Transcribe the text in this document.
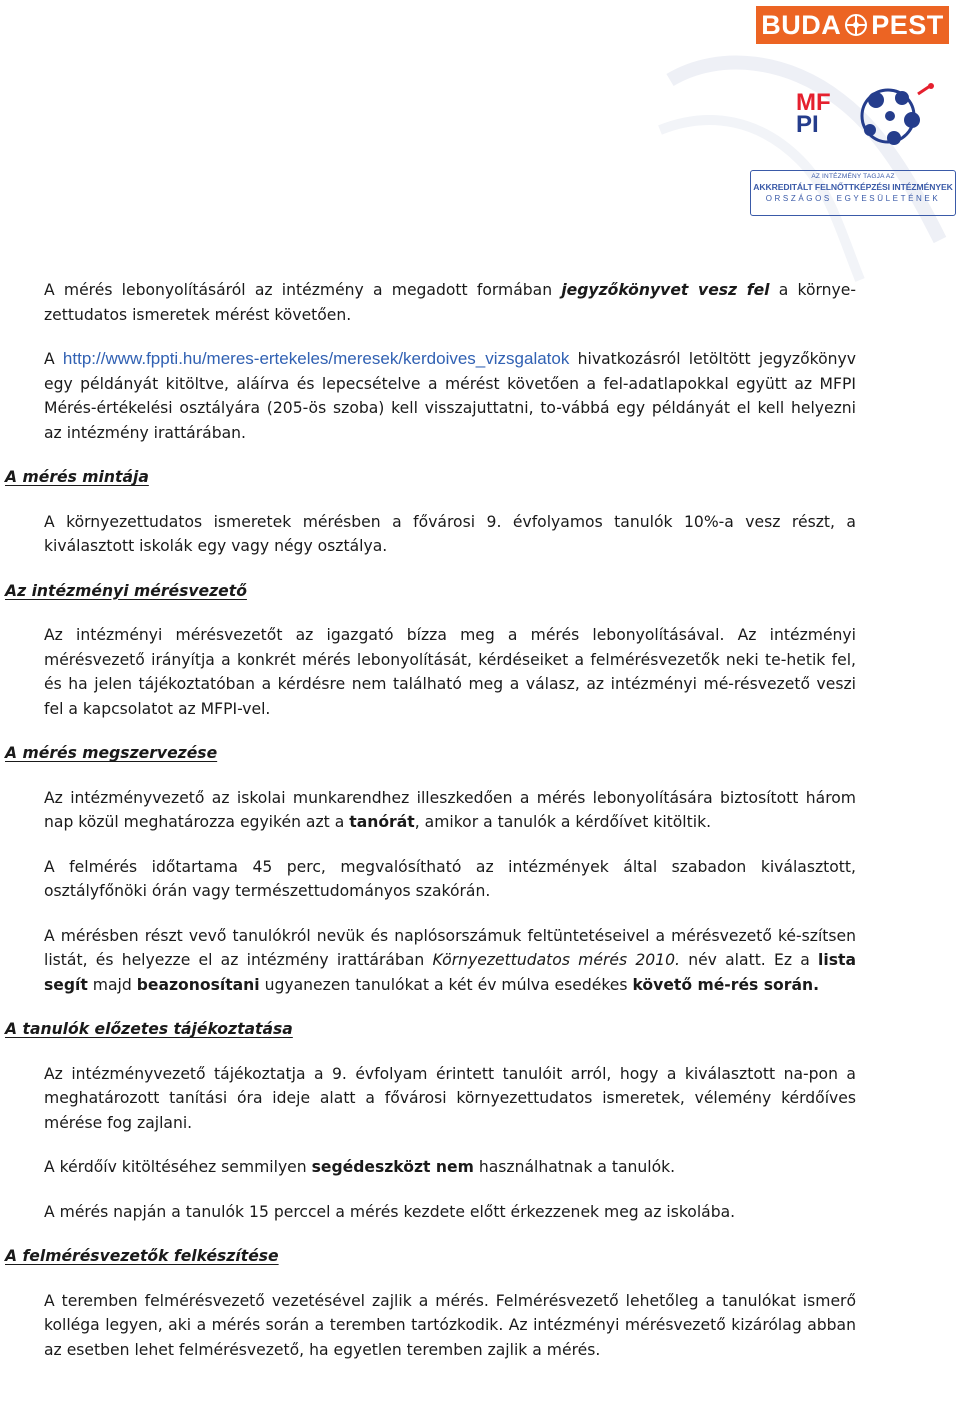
BUDA PEST
MF
PI
AZ INTÉZMÉNY TAGJA AZ
AKKREDITÁLT FELNŐTTKÉPZÉSI INTÉZMÉNYEK
ORSZÁGOS EGYESÜLETÉNEK

A mérés lebonyolításáról az intézmény a megadott formában jegyzőkönyvet vesz fel a környe-zettudatos ismeretek mérést követően.

A http://www.fppti.hu/meres-ertekeles/meresek/kerdoives_vizsgalatok hivatkozásról letöltött jegyzőkönyv egy példányát kitöltve, aláírva és lepecsételve a mérést követően a fel-adatlapokkal együtt az MFPI Mérés-értékelési osztályára (205-ös szoba) kell visszajuttatni, to-vábbá egy példányát el kell helyezni az intézmény irattárában.

A mérés mintája

A környezettudatos ismeretek mérésben a fővárosi 9. évfolyamos tanulók 10%-a vesz részt, a kiválasztott iskolák egy vagy négy osztálya.

Az intézményi mérésvezető

Az intézményi mérésvezetőt az igazgató bízza meg a mérés lebonyolításával. Az intézményi mérésvezető irányítja a konkrét mérés lebonyolítását, kérdéseiket a felmérésvezetők neki te-hetik fel, és ha jelen tájékoztatóban a kérdésre nem található meg a válasz, az intézményi mé-résvezető veszi fel a kapcsolatot az MFPI-vel.

A mérés megszervezése

Az intézményvezető az iskolai munkarendhez illeszkedően a mérés lebonyolítására biztosított három nap közül meghatározza egyikén azt a tanórát, amikor a tanulók a kérdőívet kitöltik.

A felmérés időtartama 45 perc, megvalósítható az intézmények által szabadon kiválasztott, osztályfőnöki órán vagy természettudományos szakórán.

A mérésben részt vevő tanulókról nevük és naplósorszámuk feltüntetéseivel a mérésvezető ké-szítsen listát, és helyezze el az intézmény irattárában Környezettudatos mérés 2010. név alatt. Ez a lista segít majd beazonosítani ugyanezen tanulókat a két év múlva esedékes követő mé-rés során.

A tanulók előzetes tájékoztatása

Az intézményvezető tájékoztatja a 9. évfolyam érintett tanulóit arról, hogy a kiválasztott na-pon a meghatározott tanítási óra ideje alatt a fővárosi környezettudatos ismeretek, vélemény kérdőíves mérése fog zajlani.

A kérdőív kitöltéséhez semmilyen segédeszközt nem használhatnak a tanulók.

A mérés napján a tanulók 15 perccel a mérés kezdete előtt érkezzenek meg az iskolába.

A felmérésvezetők felkészítése

A teremben felmérésvezető vezetésével zajlik a mérés. Felmérésvezető lehetőleg a tanulókat ismerő kolléga legyen, aki a mérés során a teremben tartózkodik. Az intézményi mérésvezető kizárólag abban az esetben lehet felmérésvezető, ha egyetlen teremben zajlik a mérés.
